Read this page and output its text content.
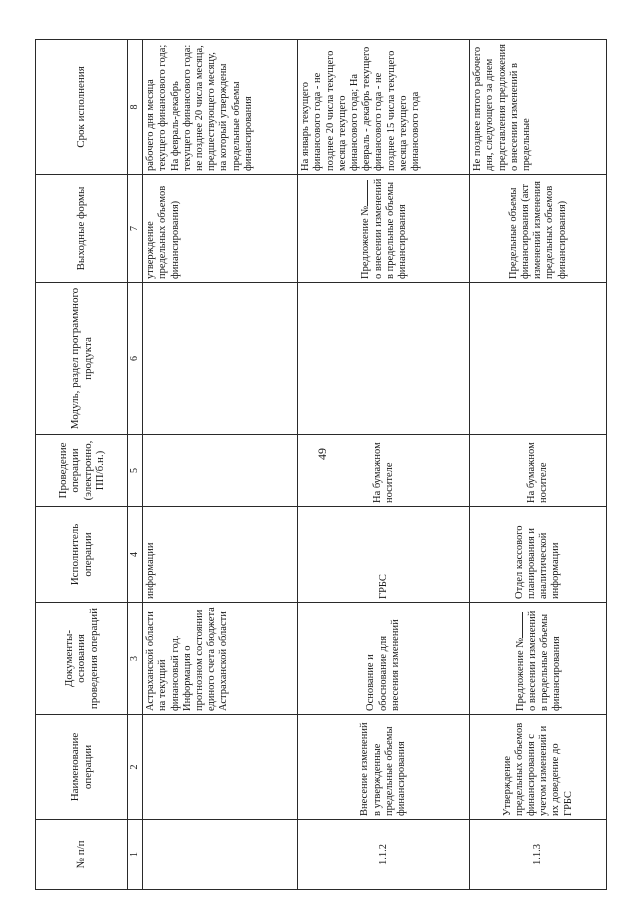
49
№ п/п	Наименование операции	Документы-основания проведения операций	Исполнитель операции	Проведение операции (электронно, ПП/б.н.)	Модуль, раздел программного продукта	Выходные формы	Срок исполнения
1	2	3	4	5	6	7	8
		Астраханской области на текущий финансовый год. Информация о прогнозном состоянии единого счета бюджета Астраханской области	информации			утверждение предельных объемов финансирования)	рабочего дня месяца текущего финансового года; На февраль-декабрь текущего финансового года: не позднее 20 числа месяца, предшествующего месяцу, на который утверждены предельные объемы финансирования
1.1.2	Внесение изменений в утвержденные предельные объемы финансирования	Основание и обоснование для внесения изменений	ГРБС	На бумажном носителе		Предложение № о внесении изменений в предельные объемы финансирования	На январь текущего финансового года - не позднее 20 числа текущего месяца текущего финансового года; На февраль - декабрь текущего финансового года - не позднее 15 числа текущего месяца текущего финансового года
1.1.3	Утверждение предельных объемов финансирования с учетом изменений и их доведение до ГРБС	Предложение № о внесении изменений в предельные объемы финансирования	Отдел кассового планирования и аналитической информации	На бумажном носителе		Предельные объемы финансирования (акт изменений изменения предельных объемов финансирования)	Не позднее пятого рабочего дня, следующего за днем представления предложения о внесении изменений в предельные
